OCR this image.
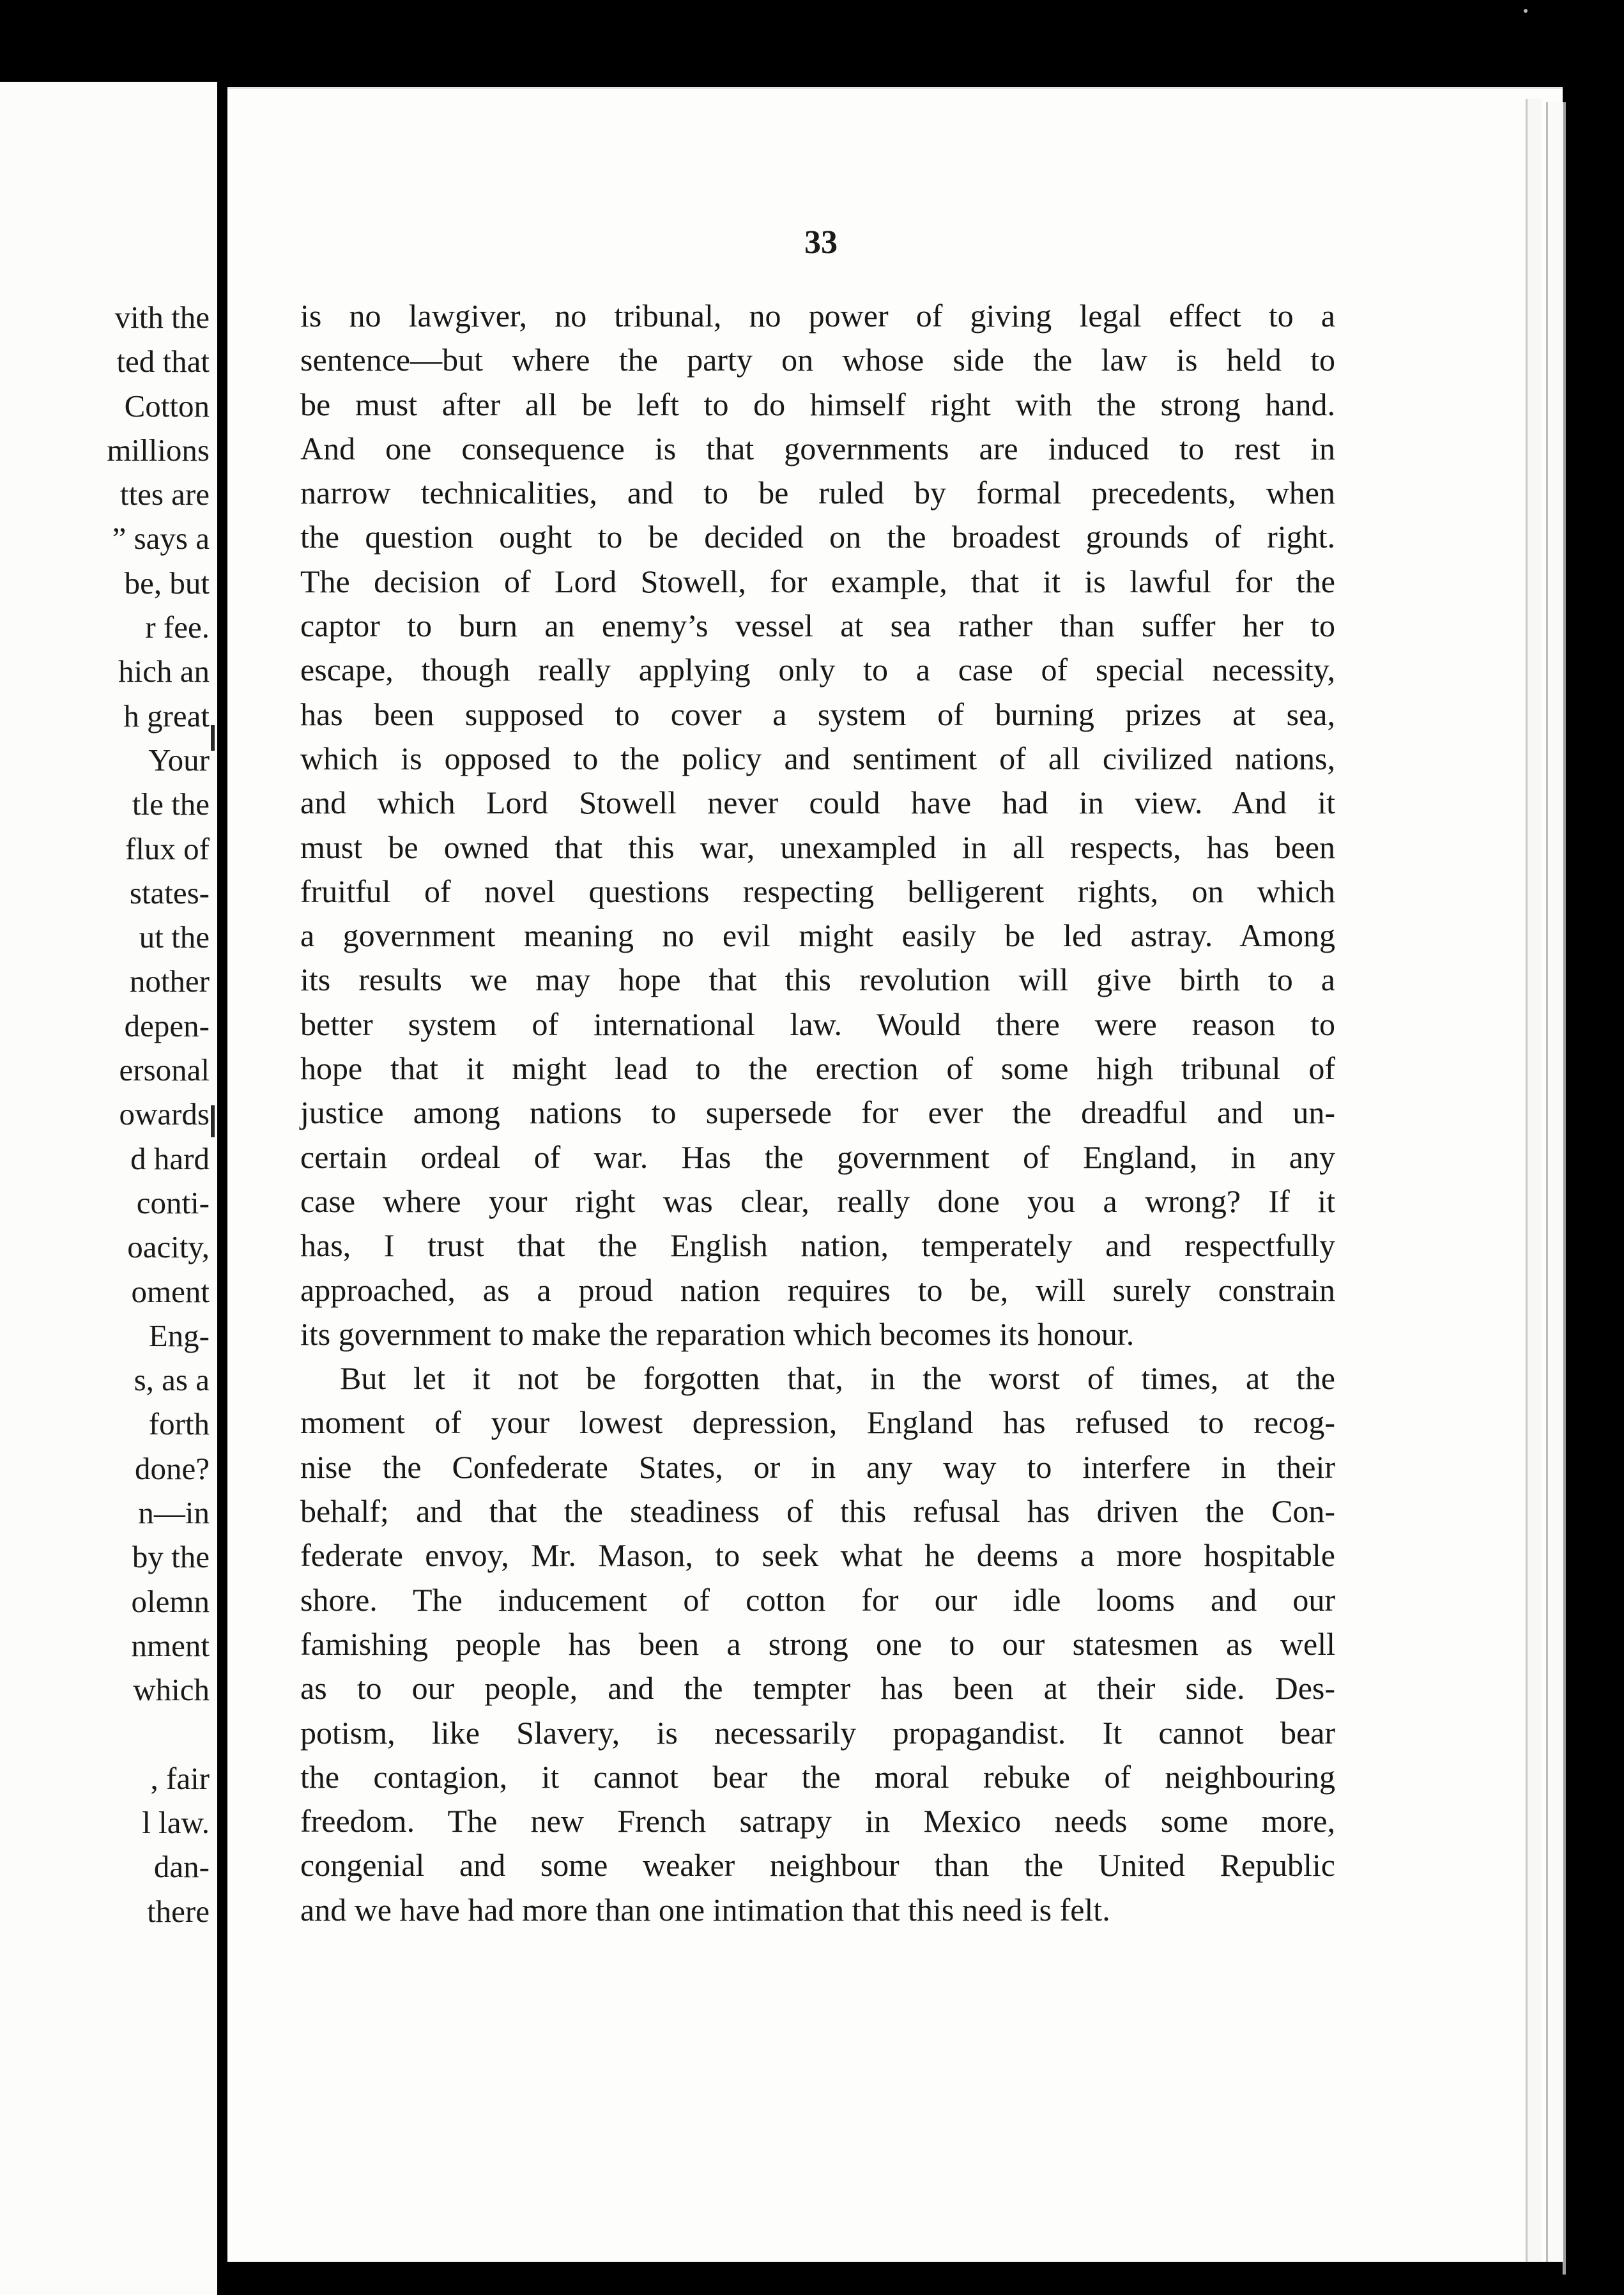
vith the
ted that
Cotton
millions
ttes are
” says a
be, but
r fee.
hich an
h great
Your
tle the
flux of
states-
ut the
nother
depen-
ersonal
owards
d hard
conti-
oacity,
oment
Eng-
s, as a
forth
done?
n—in
by the
olemn
nment
which
, fair
l law.
dan-
there
33
is no lawgiver, no tribunal, no power of giving legal effect to a
sentence—but where the party on whose side the law is held to
be must after all be left to do himself right with the strong hand.
And one consequence is that governments are induced to rest in
narrow technicalities, and to be ruled by formal precedents, when
the question ought to be decided on the broadest grounds of right.
The decision of Lord Stowell, for example, that it is lawful for the
captor to burn an enemy’s vessel at sea rather than suffer her to
escape, though really applying only to a case of special necessity,
has been supposed to cover a system of burning prizes at sea,
which is opposed to the policy and sentiment of all civilized nations,
and which Lord Stowell never could have had in view. And it
must be owned that this war, unexampled in all respects, has been
fruitful of novel questions respecting belligerent rights, on which
a government meaning no evil might easily be led astray. Among
its results we may hope that this revolution will give birth to a
better system of international law. Would there were reason to
hope that it might lead to the erection of some high tribunal of
justice among nations to supersede for ever the dreadful and un-
certain ordeal of war. Has the government of England, in any
case where your right was clear, really done you a wrong? If it
has, I trust that the English nation, temperately and respectfully
approached, as a proud nation requires to be, will surely constrain
its government to make the reparation which becomes its honour.
But let it not be forgotten that, in the worst of times, at the
moment of your lowest depression, England has refused to recog-
nise the Confederate States, or in any way to interfere in their
behalf; and that the steadiness of this refusal has driven the Con-
federate envoy, Mr. Mason, to seek what he deems a more hospitable
shore. The inducement of cotton for our idle looms and our
famishing people has been a strong one to our statesmen as well
as to our people, and the tempter has been at their side. Des-
potism, like Slavery, is necessarily propagandist. It cannot bear
the contagion, it cannot bear the moral rebuke of neighbouring
freedom. The new French satrapy in Mexico needs some more,
congenial and some weaker neighbour than the United Republic
and we have had more than one intimation that this need is felt.
